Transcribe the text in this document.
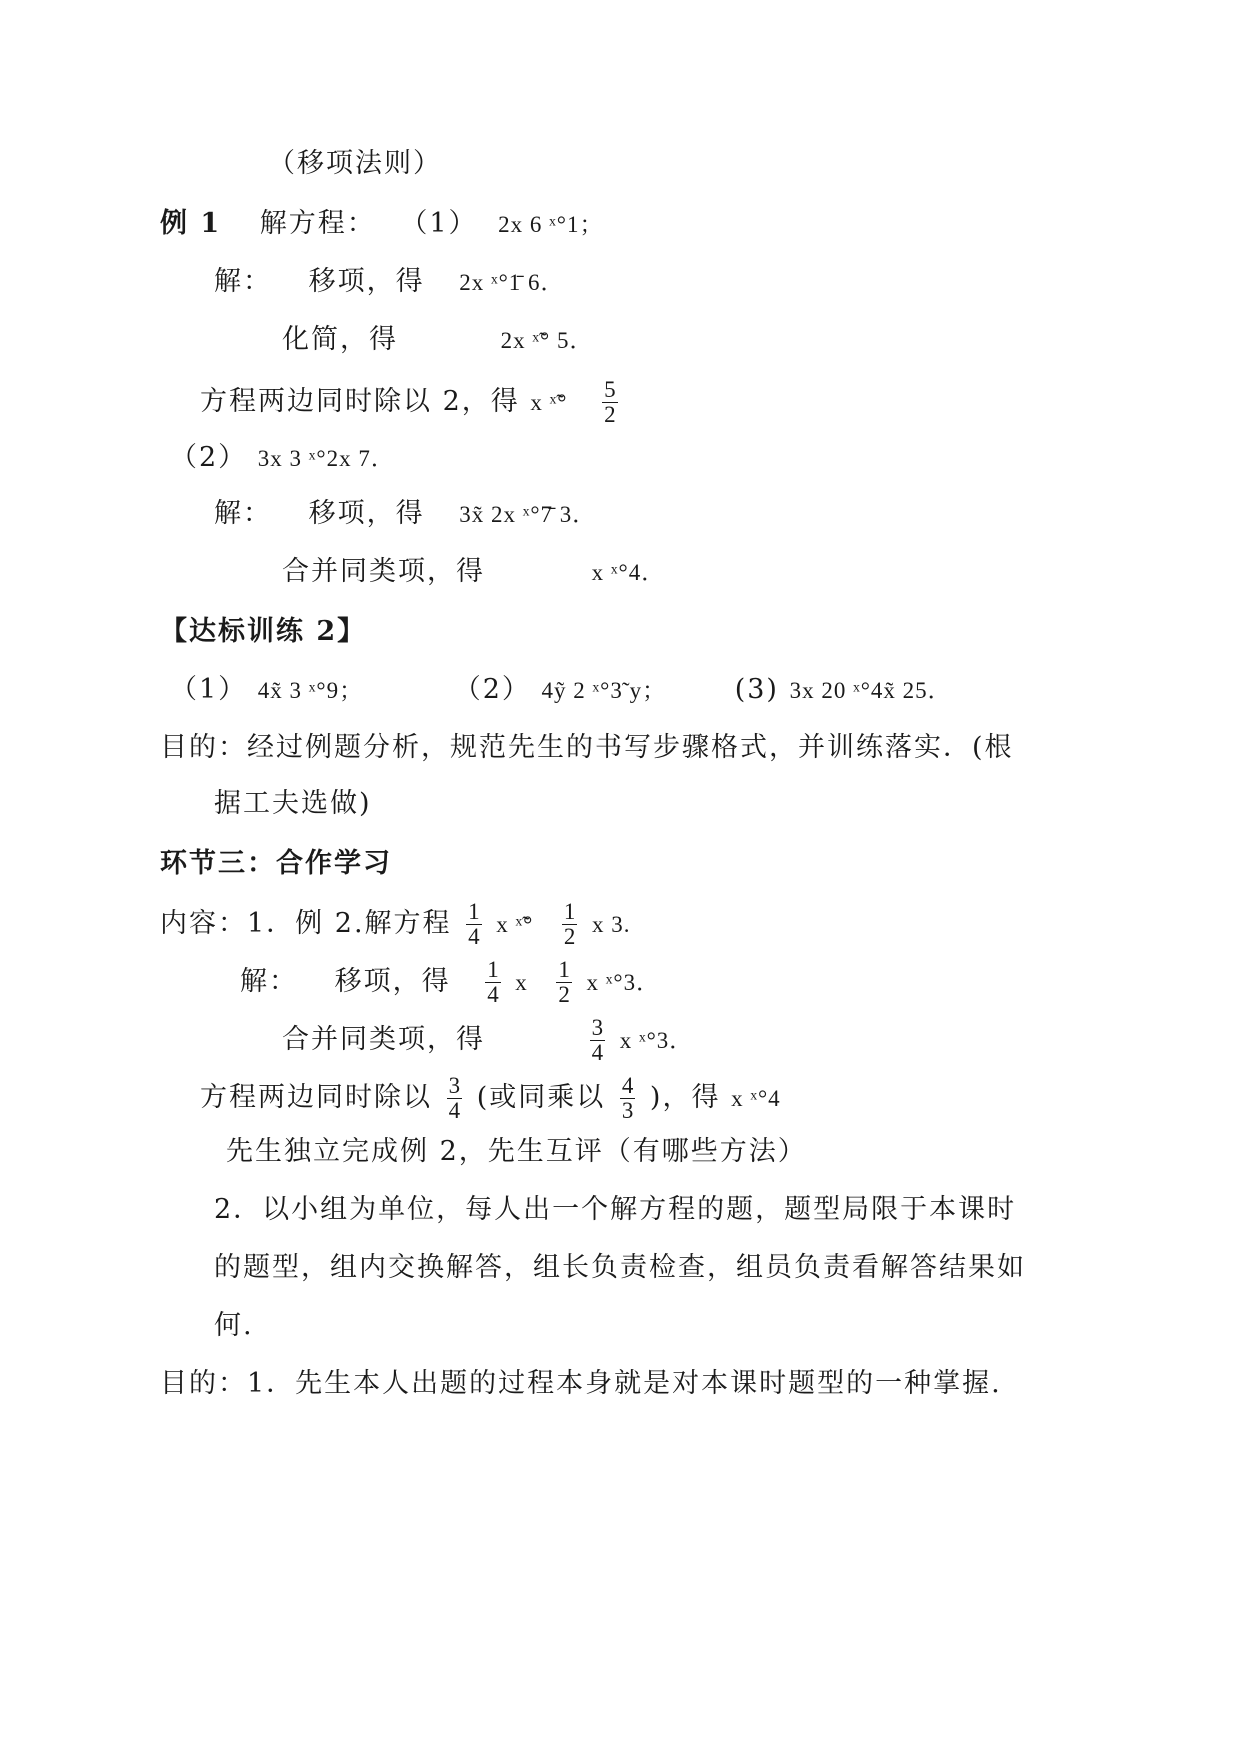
（移项法则）
例 1 解方程： （1） 2x 6 ˣ°1；
解： 移项，得 2x ˣ°1̄ 6．
化简，得	2x ˣ̃° 5．
方程两边同时除以 2，得 x ˣ̃° $\frac{5}{2}$
（2） 3x 3 ˣ°2x 7．
解： 移项，得 3x̃ 2x ˣ°7̄ 3．
合并同类项，得	x ˣ°4．
【达标训练 2】
（1） 4x̃ 3 ˣ°9；	（2） 4ỹ 2 ˣ°3̃ y；	(3) 3x 20 ˣ°4x̃ 25．
目的：经过例题分析，规范先生的书写步骤格式，并训练落实．(根
据工夫选做)
环节三：合作学习
内容：1．例 2.解方程 $\frac{1}{4}$ x ˣ̃° $\frac{1}{2}$ x 3.
解： 移项，得 $\frac{1}{4}$ x $\frac{1}{2}$ x ˣ°3．
合并同类项，得	$\frac{3}{4}$ x ˣ°3．
方程两边同时除以 $\frac{3}{4}$ (或同乘以 $\frac{4}{3}$ )，得 x ˣ°4
先生独立完成例 2，先生互评（有哪些方法）
2．以小组为单位，每人出一个解方程的题，题型局限于本课时
的题型，组内交换解答，组长负责检查，组员负责看解答结果如
何.
目的：1．先生本人出题的过程本身就是对本课时题型的一种掌握.
